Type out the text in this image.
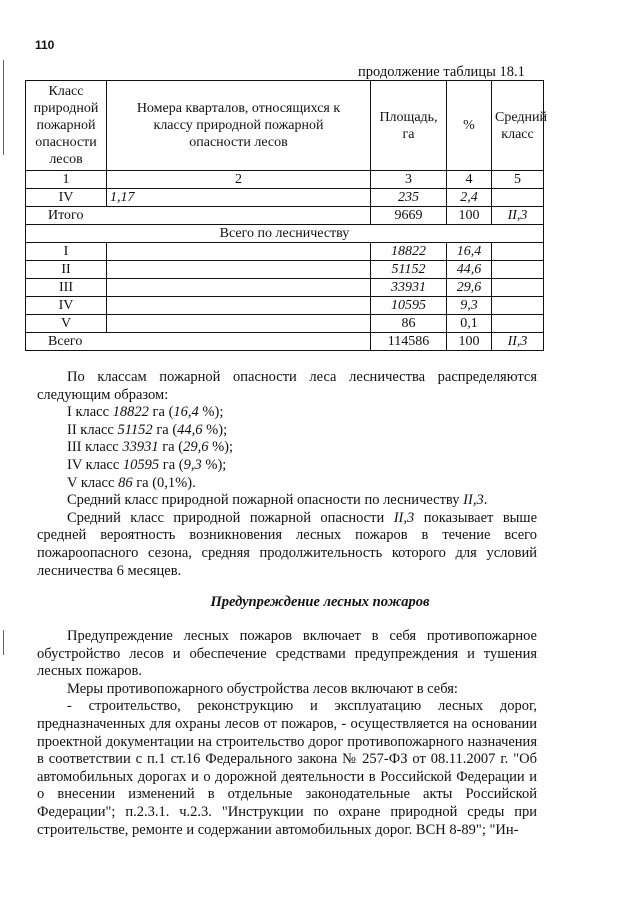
110
продолжение таблицы 18.1
Класс природной пожарной опасности лесов	Номера кварталов, относящихся к классу природной пожарной опасности лесов	Площадь, га	%	Средний класс
1	2	3	4	5
IV	1,17	235	2,4	
Итого		9669	100	II,3
Всего по лесничеству				
I		18822	16,4	
II		51152	44,6	
III		33931	29,6	
IV		10595	9,3	
V		86	0,1	
Всего		114586	100	II,3

По классам пожарной опасности леса лесничества распределяются следующим образом:

I класс 18822 га (16,4 %);

II класс 51152 га (44,6 %);

III класс 33931 га (29,6 %);

IV класс 10595 га (9,3 %);

V класс 86 га (0,1%).

Средний класс природной пожарной опасности по лесничеству II,3.

Средний класс природной пожарной опасности II,3 показывает выше средней вероятность возникновения лесных пожаров в течение всего пожароопасного сезона, средняя продолжительность которого для условий лесничества 6 месяцев.

Предупреждение лесных пожаров

Предупреждение лесных пожаров включает в себя противопожарное обустройство лесов и обеспечение средствами предупреждения и тушения лесных пожаров.

Меры противопожарного обустройства лесов включают в себя:

- строительство, реконструкцию и эксплуатацию лесных дорог, предназначенных для охраны лесов от пожаров, - осуществляется на основании проектной документации на строительство дорог противопожарного назначения в соответствии с п.1 ст.16 Федерального закона № 257-ФЗ от 08.11.2007 г. "Об автомобильных дорогах и о дорожной деятельности в Российской Федерации и о внесении изменений в отдельные законодательные акты Российской Федерации"; п.2.3.1. ч.2.3. "Инструкции по охране природной среды при строительстве, ремонте и содержании автомобильных дорог. ВСН 8-89"; "Ин-
